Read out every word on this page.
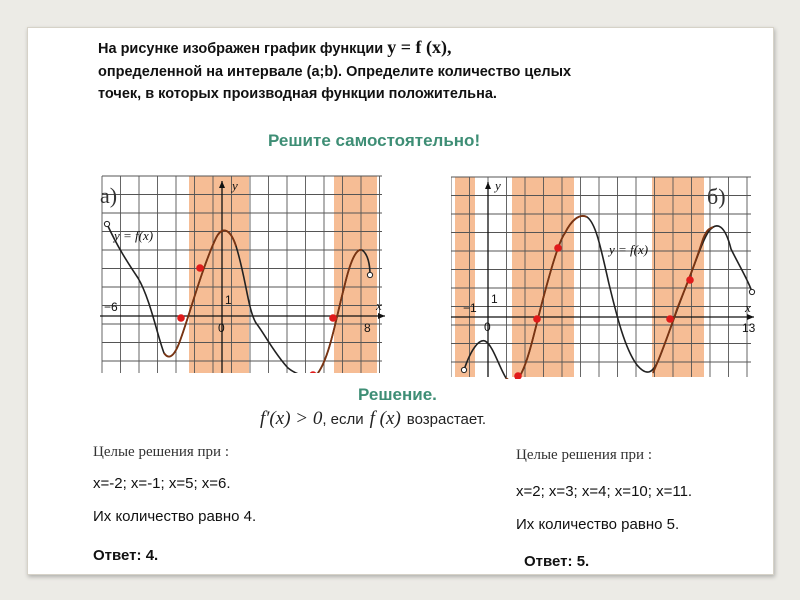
На рисунке изображен график функции y = f (x),
определенной на интервале (a;b). Определите количество целых
точек, в которых производная функции положительна.
Решите самостоятельно!
а)	y
x
y = f(x)
−6
0
1
8
б)
y
x
y = f(x)
−1
0
1
13
Решение.
f′(x) > 0, если f (x) возрастает.
Целые решения при :
х=-2; х=-1; х=5; х=6.
Их количество равно 4.
Ответ: 4.
Целые решения при :
х=2; х=3; х=4; х=10; х=11.
Их количество равно 5.
Ответ: 5.
